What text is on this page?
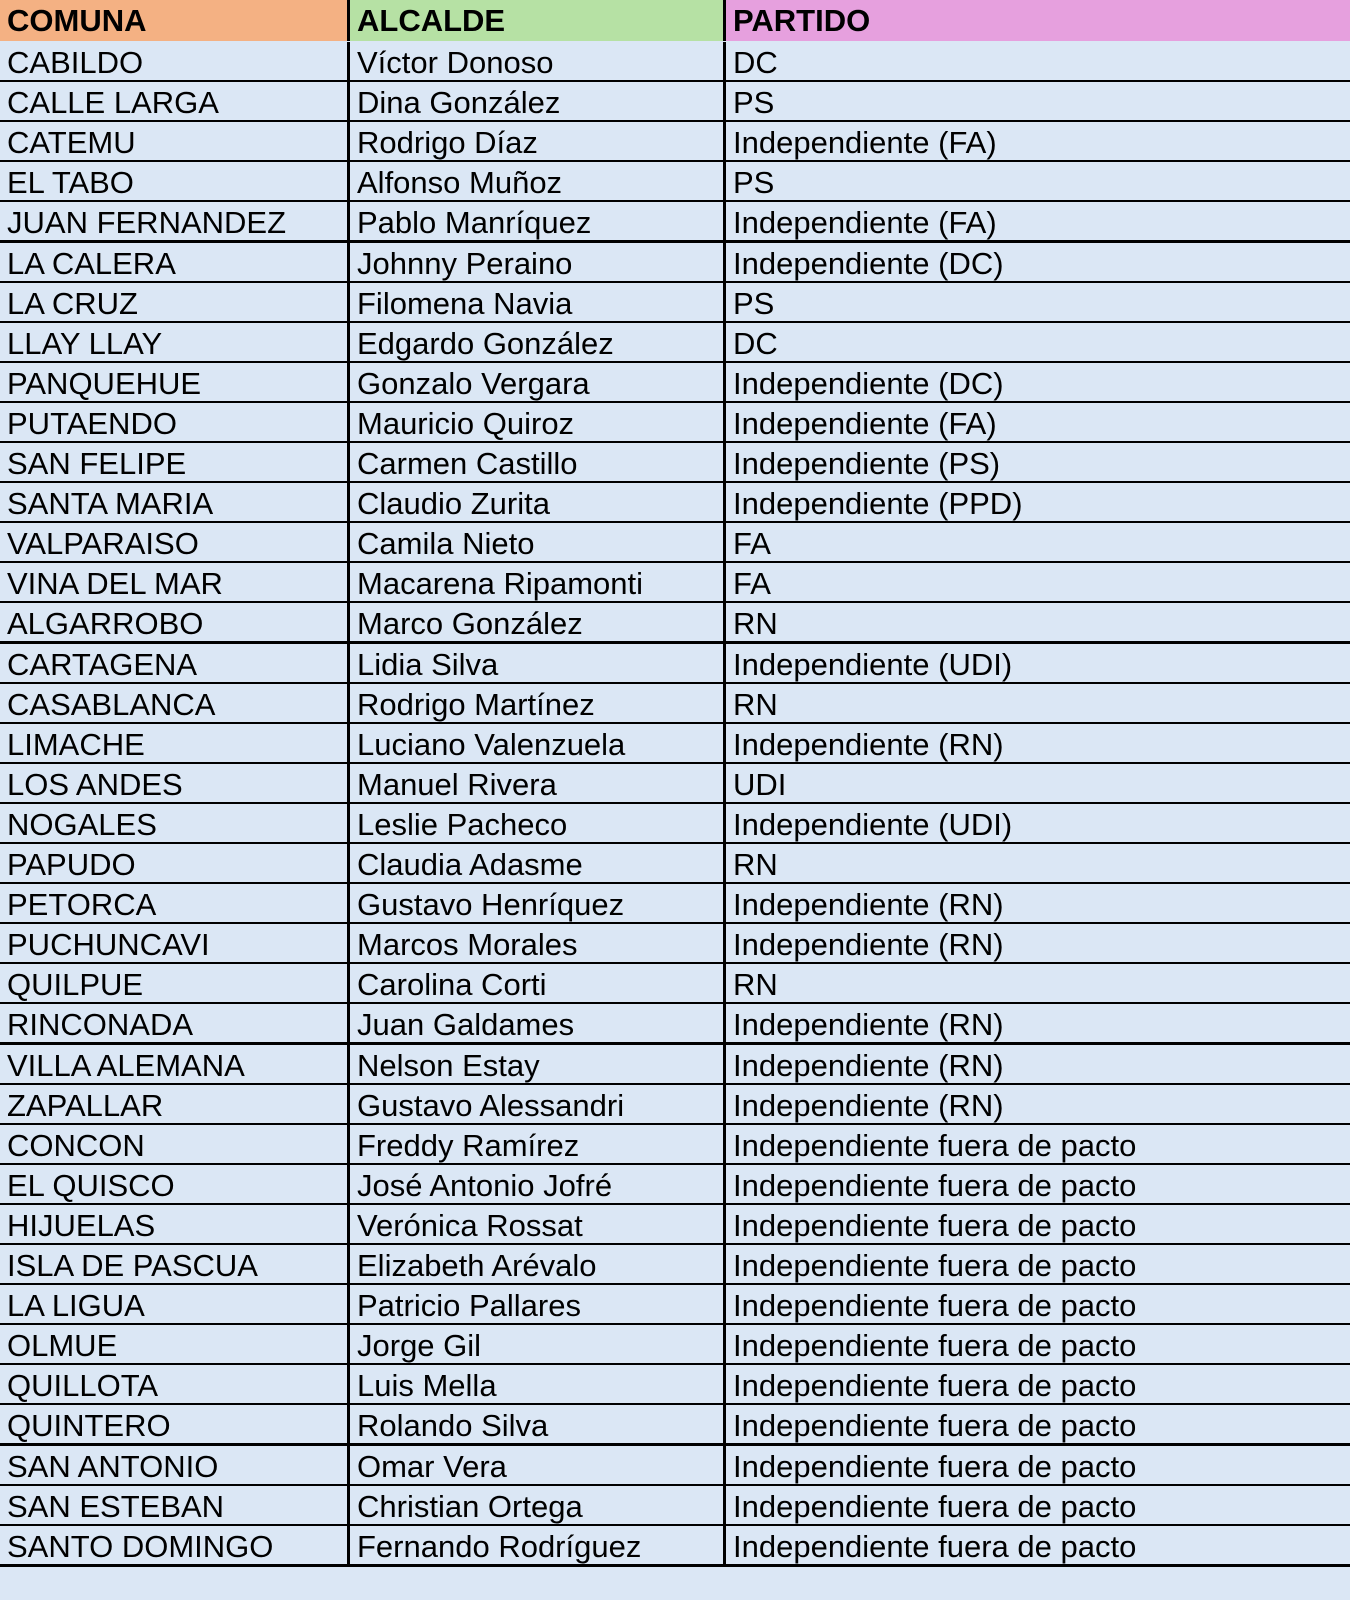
COMUNA	ALCALDE	PARTIDO
CABILDO	Víctor Donoso	DC
CALLE LARGA	Dina González	PS
CATEMU	Rodrigo Díaz	Independiente (FA)
EL TABO	Alfonso Muñoz	PS
JUAN FERNANDEZ	Pablo Manríquez	Independiente (FA)
LA CALERA	Johnny Peraino	Independiente (DC)
LA CRUZ	Filomena Navia	PS
LLAY LLAY	Edgardo González	DC
PANQUEHUE	Gonzalo Vergara	Independiente (DC)
PUTAENDO	Mauricio Quiroz	Independiente (FA)
SAN FELIPE	Carmen Castillo	Independiente (PS)
SANTA MARIA	Claudio Zurita	Independiente (PPD)
VALPARAISO	Camila Nieto	FA
VINA DEL MAR	Macarena Ripamonti	FA
ALGARROBO	Marco González	RN
CARTAGENA	Lidia Silva	Independiente (UDI)
CASABLANCA	Rodrigo Martínez	RN
LIMACHE	Luciano Valenzuela	Independiente (RN)
LOS ANDES	Manuel Rivera	UDI
NOGALES	Leslie Pacheco	Independiente (UDI)
PAPUDO	Claudia Adasme	RN
PETORCA	Gustavo Henríquez	Independiente (RN)
PUCHUNCAVI	Marcos Morales	Independiente (RN)
QUILPUE	Carolina Corti	RN
RINCONADA	Juan Galdames	Independiente (RN)
VILLA ALEMANA	Nelson Estay	Independiente (RN)
ZAPALLAR	Gustavo Alessandri	Independiente (RN)
CONCON	Freddy Ramírez	Independiente fuera de pacto
EL QUISCO	José Antonio Jofré	Independiente fuera de pacto
HIJUELAS	Verónica Rossat	Independiente fuera de pacto
ISLA DE PASCUA	Elizabeth Arévalo	Independiente fuera de pacto
LA LIGUA	Patricio Pallares	Independiente fuera de pacto
OLMUE	Jorge Gil	Independiente fuera de pacto
QUILLOTA	Luis Mella	Independiente fuera de pacto
QUINTERO	Rolando Silva	Independiente fuera de pacto
SAN ANTONIO	Omar Vera	Independiente fuera de pacto
SAN ESTEBAN	Christian Ortega	Independiente fuera de pacto
SANTO DOMINGO	Fernando Rodríguez	Independiente fuera de pacto
